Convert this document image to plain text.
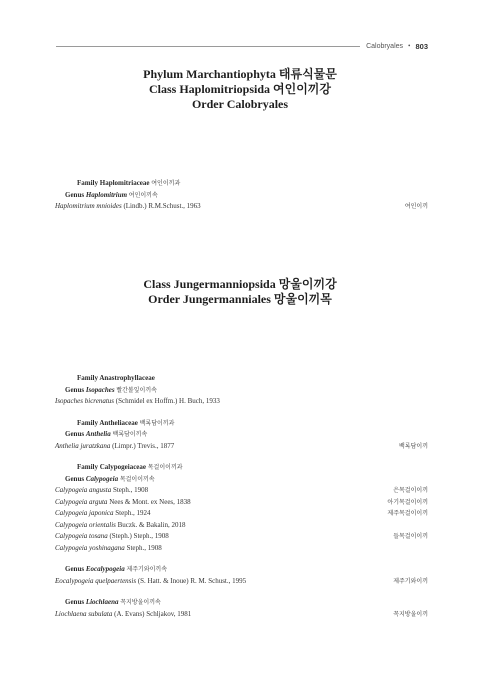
Calobryales • 803
Phylum Marchantiophyta 태류식물문
Class Haplomitriopsida 여인이끼강
Order Calobryales
Family Haplomitriaceae 여인이끼과
Genus Haplomitrium 여인이끼속
Haplomitrium mnioides (Lindb.) R.M.Schust., 1963	여인이끼
Class Jungermanniopsida 망울이끼강
Order Jungermanniales 망울이끼목
Family Anastrophyllaceae
Genus Isopaches 빨간볼잎이끼속
Isopaches bicrenatus (Schmidel ex Hoffm.) H. Buch, 1933
Family Antheliaceae 백록담이끼과
Genus Anthelia 백록담이끼속
Anthelia juratzkana (Limpr.) Trevis., 1877	백록담이끼
Family Calypogeiaceae 목걸이이끼과
Genus Calypogeia 목걸이이끼속
Calypogeia angusta Steph., 1908	은목걸이이끼
Calypogeia arguta Nees & Mont. ex Nees, 1838	아기목걸이이끼
Calypogeia japonica Steph., 1924	제주목걸이이끼
Calypogeia orientalis Buczk. & Bakalin, 2018
Calypogeia tosana (Steph.) Steph., 1908	들목걸이이끼
Calypogeia yoshinagana Steph., 1908
Genus Eocalypogeia 제주기와이끼속
Eocalypogeia quelpaertensis (S. Hatt. & Inoue) R. M. Schust., 1995	제주기와이끼
Genus Liochlaena 꼭지방울이끼속
Liochlaena subulata (A. Evans) Schljakov, 1981	꼭지방울이끼
